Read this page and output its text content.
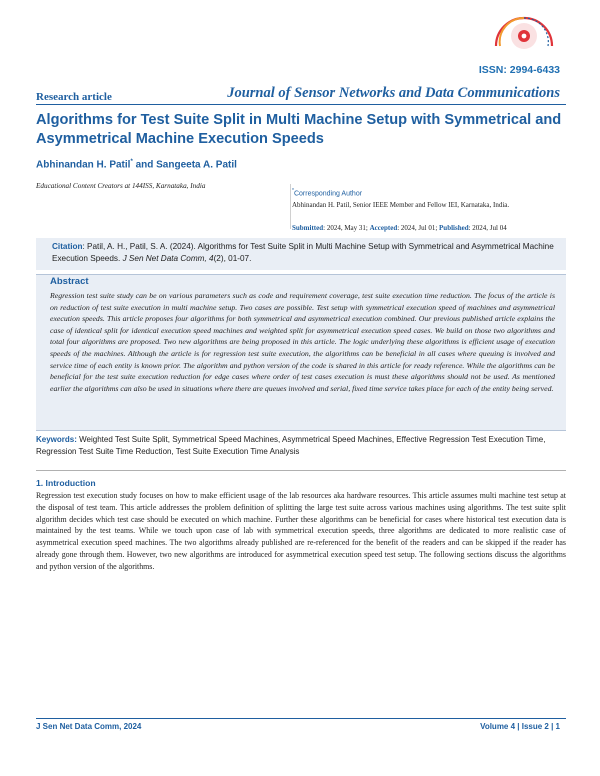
ISSN: 2994-6433
Research article	Journal of Sensor Networks and Data Communications
Algorithms for Test Suite Split in Multi Machine Setup with Symmetrical and Asymmetrical Machine Execution Speeds
Abhinandan H. Patil* and Sangeeta A. Patil
Educational Content Creators at 144ISS, Karnataka, India
*Corresponding Author
Abhinandan H. Patil, Senior IEEE Member and Fellow IEI, Karnataka, India.
Submitted: 2024, May 31; Accepted: 2024, Jul 01; Published: 2024, Jul 04
Citation: Patil, A. H., Patil, S. A. (2024). Algorithms for Test Suite Split in Multi Machine Setup with Symmetrical and Asymmetrical Machine Execution Speeds. J Sen Net Data Comm, 4(2), 01-07.
Abstract
Regression test suite study can be on various parameters such as code and requirement coverage, test suite execution time reduction. The focus of the article is on reduction of test suite execution in multi machine setup. Two cases are possible. Test setup with symmetrical execution speed of machines and asymmetrical execution speeds. This article proposes four algorithms for both symmetrical and asymmetrical execution combined. Our previous published article explains the case of identical split for identical execution speed machines and weighted split for asymmetrical execution speed cases. We build on those two algorithms and total four algorithms are proposed. Two new algorithms are being proposed in this article. The logic underlying these algorithms is efficient usage of execution speeds of the machines. Although the article is for regression test suite execution, the algorithms can be beneficial in all cases where queuing is involved and service time of each entity is known prior. The algorithm and python version of the code is shared in this article for ready reference. While the algorithms can be beneficial for the test suite execution reduction for edge cases where order of test cases execution is must these algorithms should not be used. As mentioned earlier the algorithms can also be used in situations where there are queues involved and serial, fixed time service takes place for each of the entity being served.
Keywords: Weighted Test Suite Split, Symmetrical Speed Machines, Asymmetrical Speed Machines, Effective Regression Test Execution Time, Regression Test Suite Time Reduction, Test Suite Execution Time Analysis
1. Introduction
Regression test execution study focuses on how to make efficient usage of the lab resources aka hardware resources. This article assumes multi machine test setup at the disposal of test team. This article addresses the problem definition of splitting the large test suite across various machines using algorithms. The test suite split algorithm decides which test case should be executed on which machine. Further these algorithms can be beneficial for cases where historical test execution data is maintained by the test teams. While we touch upon case of lab with symmetrical execution speeds, three algorithms are dedicated to more realistic case of asymmetrical execution speed machines. The two algorithms already published are re-referenced for the benefit of the readers and can be skipped if the reader has already gone through them. However, two new algorithms are introduced for asymmetrical execution speed test setup. The following sections discuss the algorithms and python version of the algorithms.
J Sen Net Data Comm, 2024	Volume 4 | Issue 2 | 1
